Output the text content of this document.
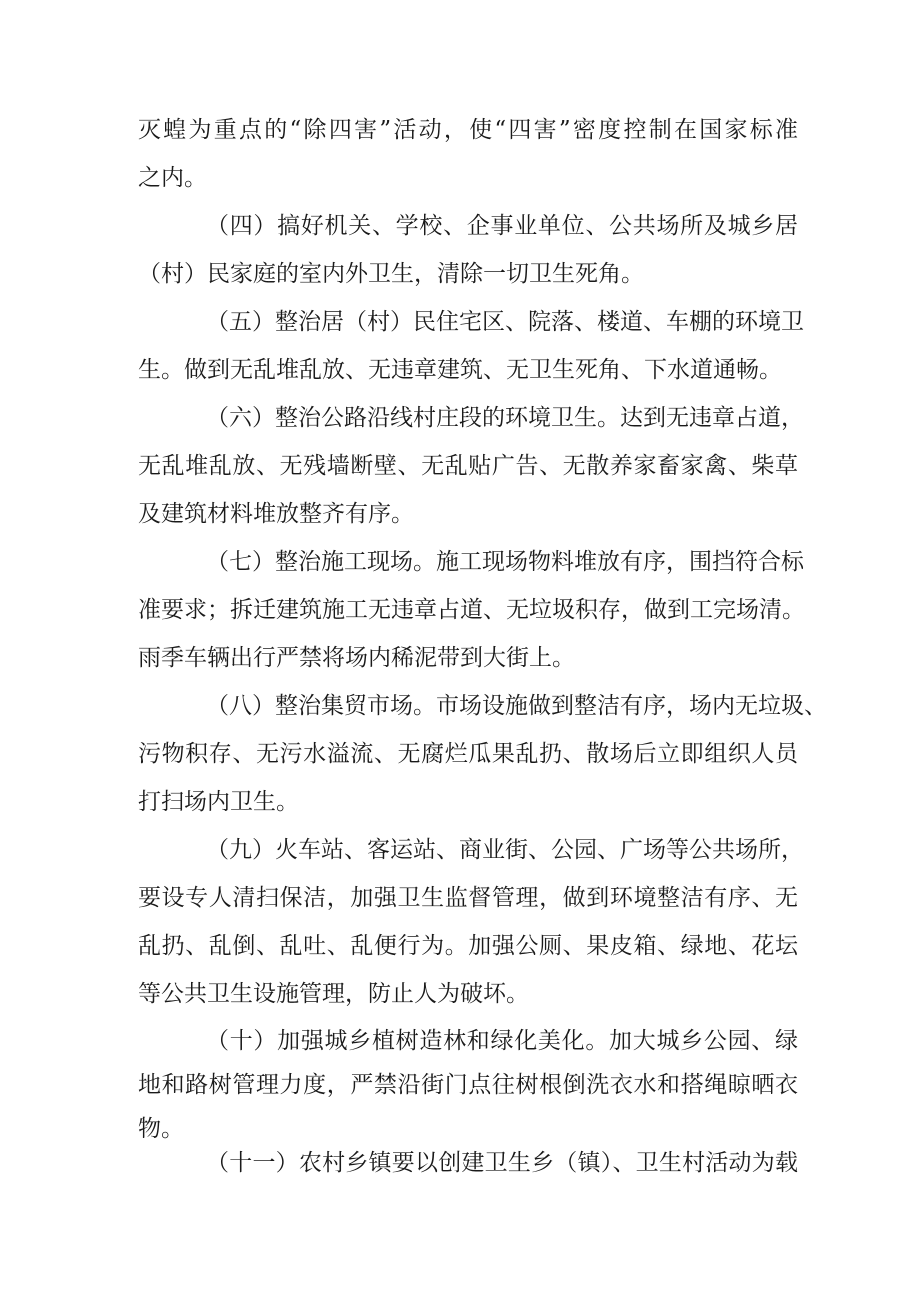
灭蝗为重点的“除四害”活动，使“四害”密度控制在国家标准
之内。
（四）搞好机关、学校、企事业单位、公共场所及城乡居
（村）民家庭的室内外卫生，清除一切卫生死角。
（五）整治居（村）民住宅区、院落、楼道、车棚的环境卫
生。做到无乱堆乱放、无违章建筑、无卫生死角、下水道通畅。
（六）整治公路沿线村庄段的环境卫生。达到无违章占道，
无乱堆乱放、无残墙断壁、无乱贴广告、无散养家畜家禽、柴草
及建筑材料堆放整齐有序。
（七）整治施工现场。施工现场物料堆放有序，围挡符合标
准要求；拆迁建筑施工无违章占道、无垃圾积存，做到工完场清。
雨季车辆出行严禁将场内稀泥带到大街上。
（八）整治集贸市场。市场设施做到整洁有序，场内无垃圾、
污物积存、无污水溢流、无腐烂瓜果乱扔、散场后立即组织人员
打扫场内卫生。
（九）火车站、客运站、商业街、公园、广场等公共场所，
要设专人清扫保洁，加强卫生监督管理，做到环境整洁有序、无
乱扔、乱倒、乱吐、乱便行为。加强公厕、果皮箱、绿地、花坛
等公共卫生设施管理，防止人为破坏。
（十）加强城乡植树造林和绿化美化。加大城乡公园、绿
地和路树管理力度，严禁沿街门点往树根倒洗衣水和搭绳晾晒衣
物。
（十一）农村乡镇要以创建卫生乡（镇）、卫生村活动为载
